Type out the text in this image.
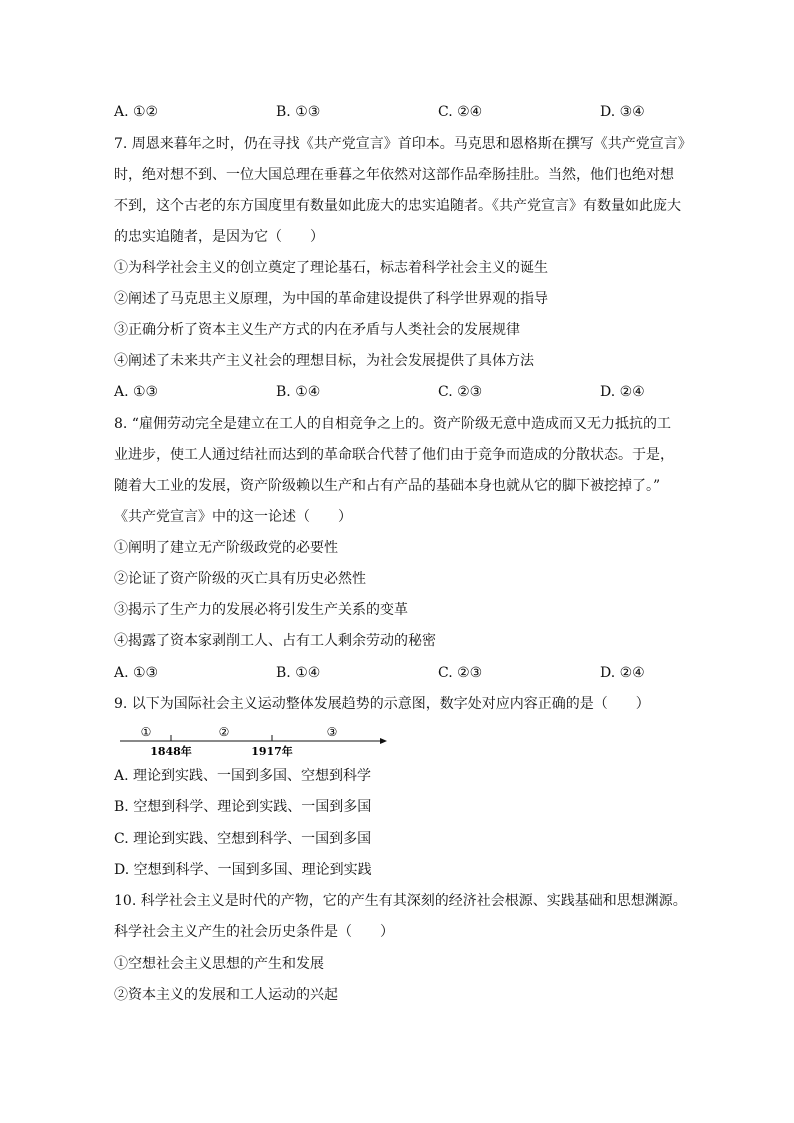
A. ①②	B. ①③	C. ②④	D. ③④
7. 周恩来暮年之时，仍在寻找《共产党宣言》首印本。马克思和恩格斯在撰写《共产党宣言》
时，绝对想不到、一位大国总理在垂暮之年依然对这部作品牵肠挂肚。当然，他们也绝对想
不到，这个古老的东方国度里有数量如此庞大的忠实追随者。《共产党宣言》有数量如此庞大
的忠实追随者，是因为它（　　）
①为科学社会主义的创立奠定了理论基石，标志着科学社会主义的诞生
②阐述了马克思主义原理，为中国的革命建设提供了科学世界观的指导
③正确分析了资本主义生产方式的内在矛盾与人类社会的发展规律
④阐述了未来共产主义社会的理想目标，为社会发展提供了具体方法
A. ①③	B. ①④	C. ②③	D. ②④
8. “雇佣劳动完全是建立在工人的自相竞争之上的。资产阶级无意中造成而又无力抵抗的工
业进步，使工人通过结社而达到的革命联合代替了他们由于竞争而造成的分散状态。于是，
随着大工业的发展，资产阶级赖以生产和占有产品的基础本身也就从它的脚下被挖掉了。”
《共产党宣言》中的这一论述（　　）
①阐明了建立无产阶级政党的必要性
②论证了资产阶级的灭亡具有历史必然性
③揭示了生产力的发展必将引发生产关系的变革
④揭露了资本家剥削工人、占有工人剩余劳动的秘密
A. ①③	B. ①④	C. ②③	D. ②④
9. 以下为国际社会主义运动整体发展趋势的示意图，数字处对应内容正确的是（　　）
①	②	③
1848年	1917年
A. 理论到实践、一国到多国、空想到科学
B. 空想到科学、理论到实践、一国到多国
C. 理论到实践、空想到科学、一国到多国
D. 空想到科学、一国到多国、理论到实践
10. 科学社会主义是时代的产物，它的产生有其深刻的经济社会根源、实践基础和思想渊源。
科学社会主义产生的社会历史条件是（　　）
①空想社会主义思想的产生和发展
②资本主义的发展和工人运动的兴起
